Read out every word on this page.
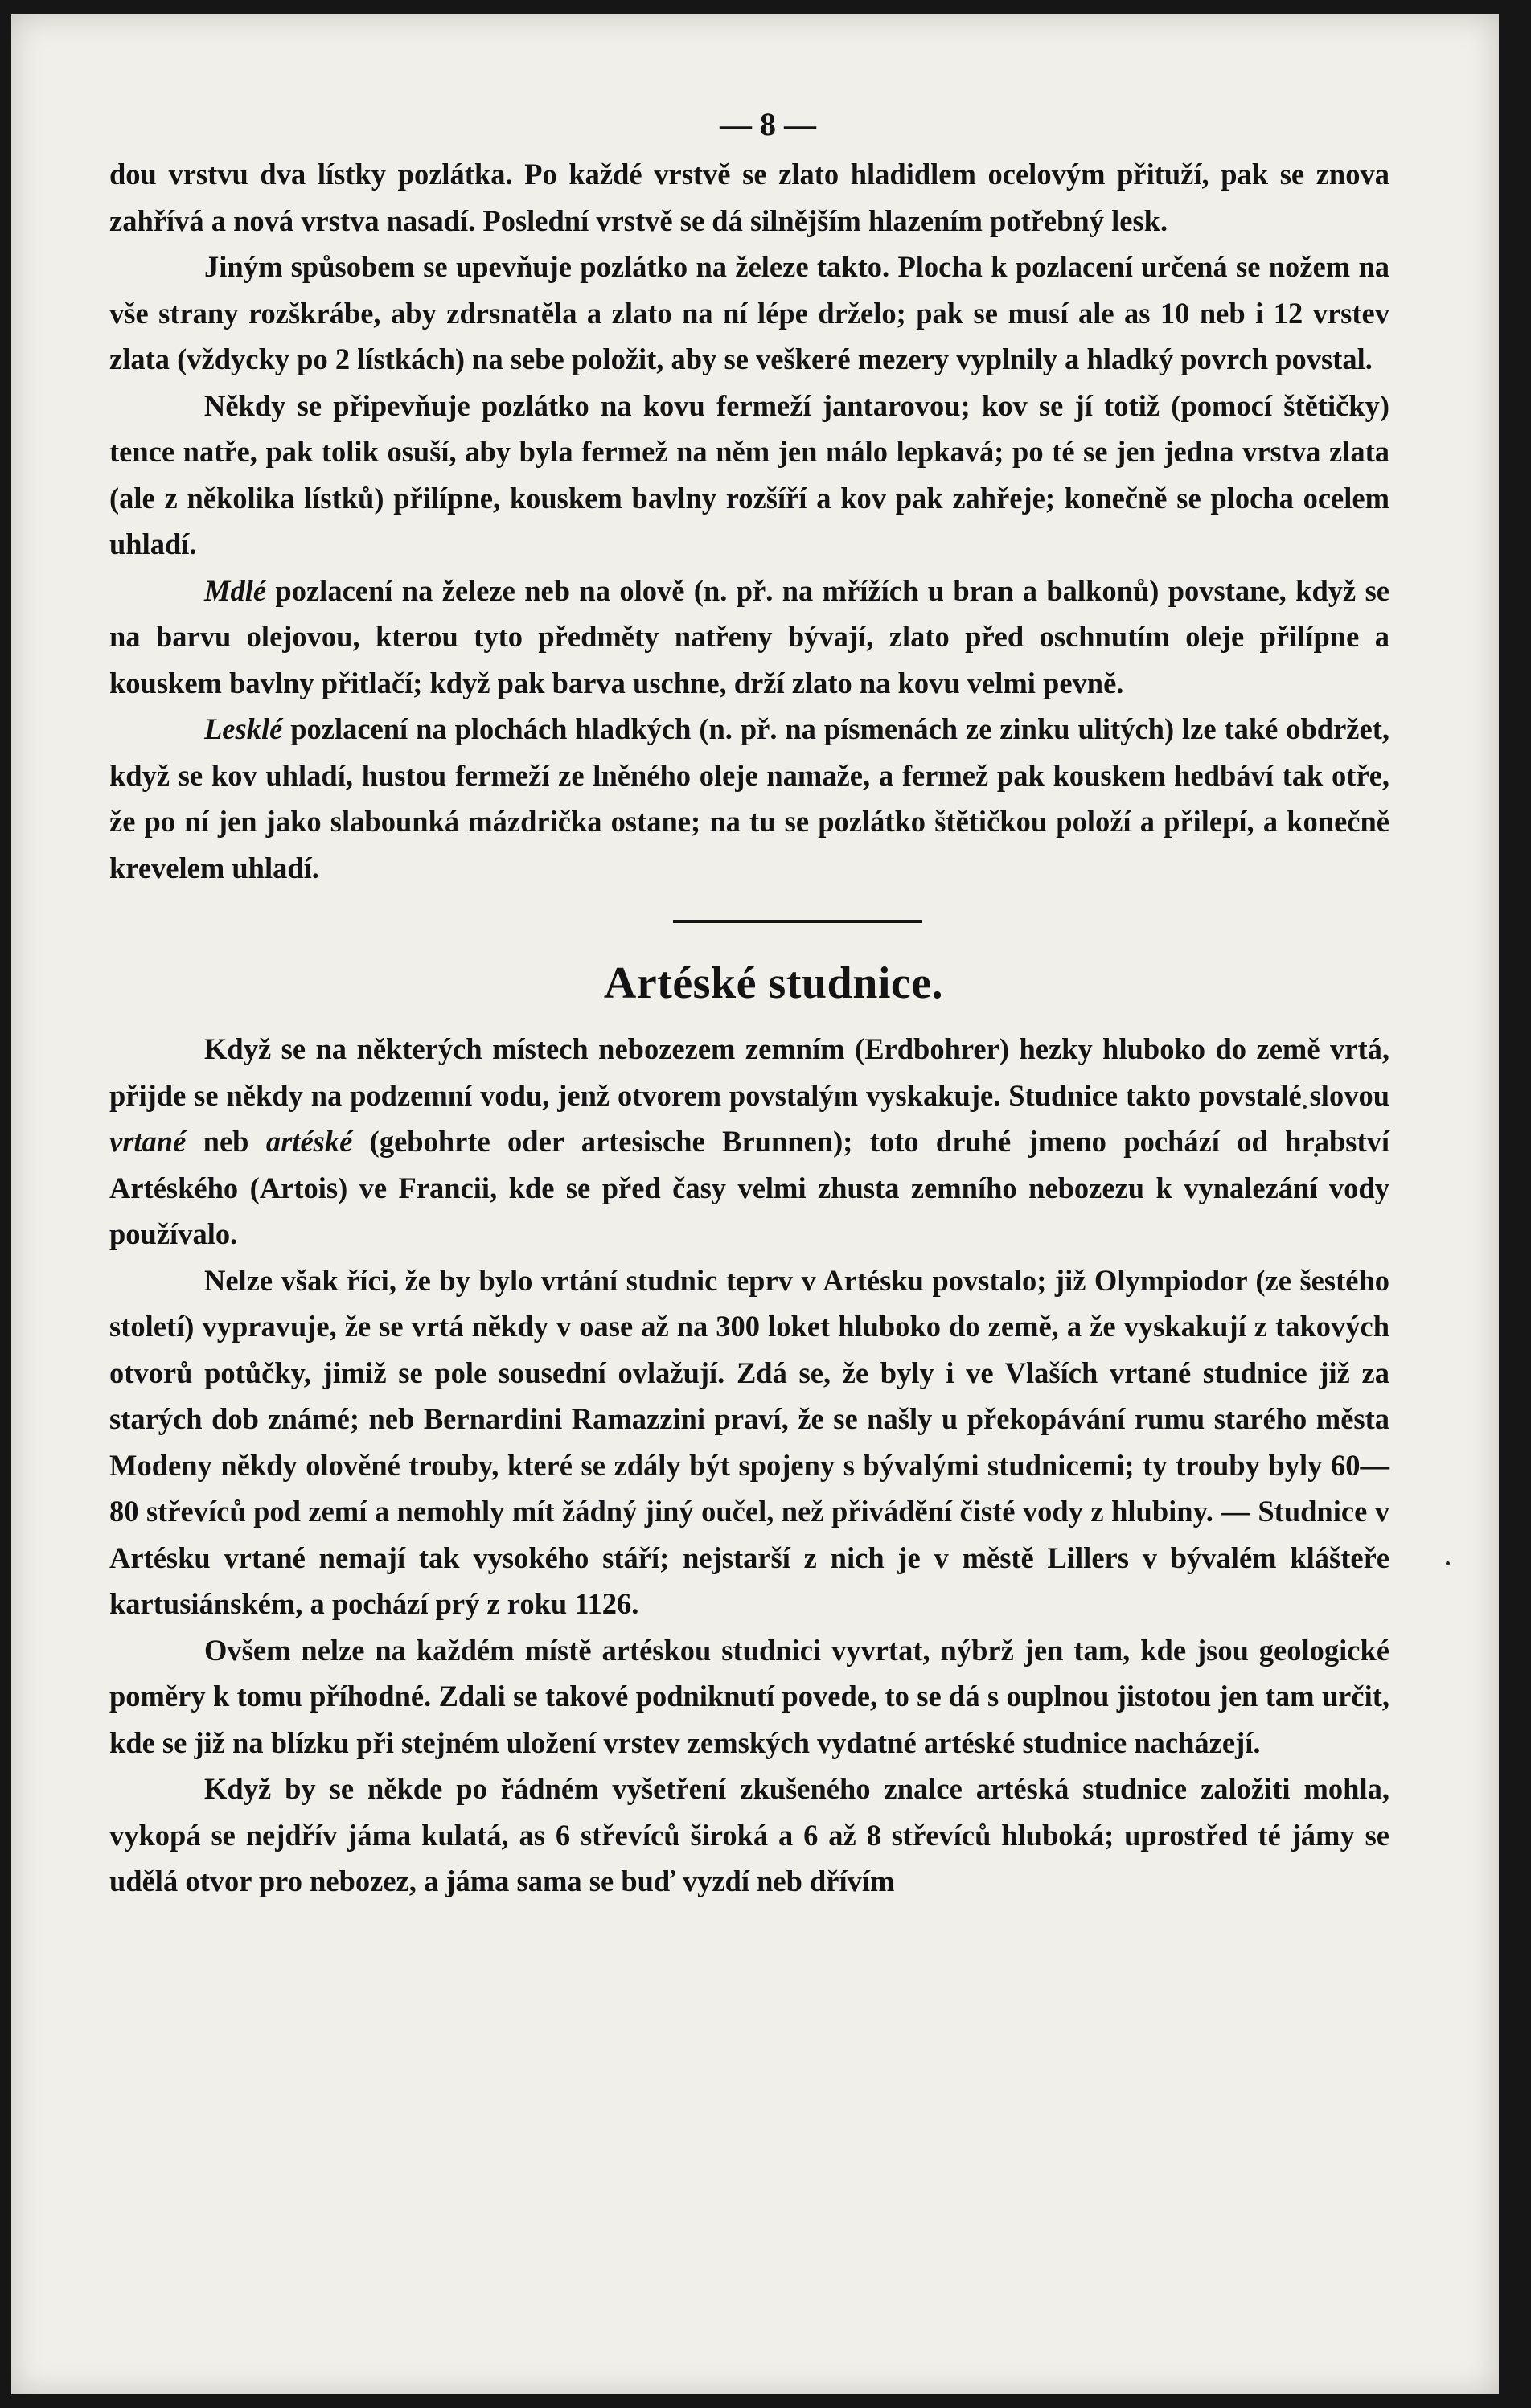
— 8 —

dou vrstvu dva lístky pozlátka. Po každé vrstvě se zlato hladidlem ocelovým přituží, pak se znova zahřívá a nová vrstva nasadí. Poslední vrstvě se dá silnějším hlazením potřebný lesk.

Jiným spůsobem se upevňuje pozlátko na železe takto. Plocha k pozlacení určená se nožem na vše strany rozškrábe, aby zdrsnatěla a zlato na ní lépe drželo; pak se musí ale as 10 neb i 12 vrstev zlata (vždycky po 2 lístkách) na sebe položit, aby se veškeré mezery vyplnily a hladký povrch povstal.

Někdy se připevňuje pozlátko na kovu fermeží jantarovou; kov se jí totiž (pomocí štětičky) tence natře, pak tolik osuší, aby byla fermež na něm jen málo lepkavá; po té se jen jedna vrstva zlata (ale z několika lístků) přilípne, kouskem bavlny rozšíří a kov pak zahřeje; konečně se plocha ocelem uhladí.

Mdlé pozlacení na železe neb na olově (n. př. na mřížích u bran a balkonů) povstane, když se na barvu olejovou, kterou tyto předměty natřeny bývají, zlato před oschnutím oleje přilípne a kouskem bavlny přitlačí; když pak barva uschne, drží zlato na kovu velmi pevně.

Lesklé pozlacení na plochách hladkých (n. př. na písmenách ze zinku ulitých) lze také obdržet, když se kov uhladí, hustou fermeží ze lněného oleje namaže, a fermež pak kouskem hedbáví tak otře, že po ní jen jako slabounká mázdrička ostane; na tu se pozlátko štětičkou položí a přilepí, a konečně krevelem uhladí.

Artéské studnice.

Když se na některých místech nebozezem zemním (Erdbohrer) hezky hluboko do země vrtá, přijde se někdy na podzemní vodu, jenž otvorem povstalým vyskakuje. Studnice takto povstalé slovou vrtané neb artéské (gebohrte oder artesische Brunnen); toto druhé jmeno pochází od hrabství Artéského (Artois) ve Francii, kde se před časy velmi zhusta zemního nebozezu k vynalezání vody používalo.

Nelze však říci, že by bylo vrtání studnic teprv v Artésku povstalo; již Olympiodor (ze šestého století) vypravuje, že se vrtá někdy v oase až na 300 loket hluboko do země, a že vyskakují z takových otvorů potůčky, jimiž se pole sousední ovlažují. Zdá se, že byly i ve Vlaších vrtané studnice již za starých dob známé; neb Bernardini Ramazzini praví, že se našly u překopávání rumu starého města Modeny někdy olověné trouby, které se zdály být spojeny s bývalými studnicemi; ty trouby byly 60—80 střevíců pod zemí a nemohly mít žádný jiný oučel, než přivádění čisté vody z hlubiny. — Studnice v Artésku vrtané nemají tak vysokého stáří; nejstarší z nich je v městě Lillers v bývalém klášteře kartusiánském, a pochází prý z roku 1126.

Ovšem nelze na každém místě artéskou studnici vyvrtat, nýbrž jen tam, kde jsou geologické poměry k tomu příhodné. Zdali se takové podniknutí povede, to se dá s ouplnou jistotou jen tam určit, kde se již na blízku při stejném uložení vrstev zemských vydatné artéské studnice nacházejí.

Když by se někde po řádném vyšetření zkušeného znalce artéská studnice založiti mohla, vykopá se nejdřív jáma kulatá, as 6 střevíců široká a 6 až 8 střevíců hluboká; uprostřed té jámy se udělá otvor pro nebozez, a jáma sama se buď vyzdí neb dřívím
